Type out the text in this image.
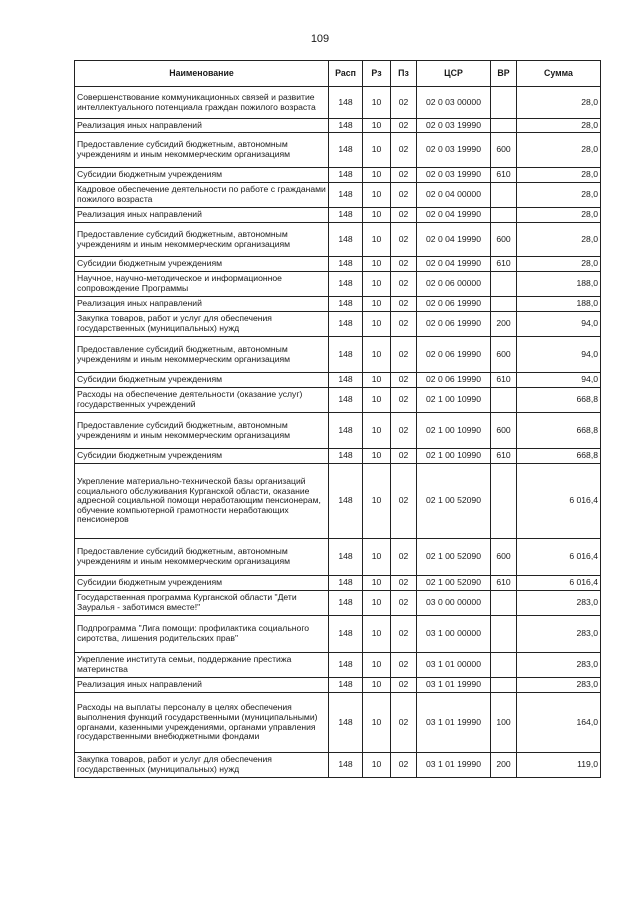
109
Наименование	Расп	Рз	Пз	ЦСР	ВР	Сумма
Совершенствование коммуникационных связей и развитие интеллектуального потенциала граждан пожилого возраста	148	10	02	02 0 03 00000		28,0
Реализация иных направлений	148	10	02	02 0 03 19990		28,0
Предоставление субсидий бюджетным, автономным учреждениям и иным некоммерческим организациям	148	10	02	02 0 03 19990	600	28,0
Субсидии бюджетным учреждениям	148	10	02	02 0 03 19990	610	28,0
Кадровое обеспечение деятельности по работе с гражданами пожилого возраста	148	10	02	02 0 04 00000		28,0
Реализация иных направлений	148	10	02	02 0 04 19990		28,0
Предоставление субсидий бюджетным, автономным учреждениям и иным некоммерческим организациям	148	10	02	02 0 04 19990	600	28,0
Субсидии бюджетным учреждениям	148	10	02	02 0 04 19990	610	28,0
Научное, научно-методическое и информационное сопровождение Программы	148	10	02	02 0 06 00000		188,0
Реализация иных направлений	148	10	02	02 0 06 19990		188,0
Закупка товаров, работ и услуг для обеспечения государственных (муниципальных) нужд	148	10	02	02 0 06 19990	200	94,0
Предоставление субсидий бюджетным, автономным учреждениям и иным некоммерческим организациям	148	10	02	02 0 06 19990	600	94,0
Субсидии бюджетным учреждениям	148	10	02	02 0 06 19990	610	94,0
Расходы на обеспечение деятельности (оказание услуг) государственных учреждений	148	10	02	02 1 00 10990		668,8
Предоставление субсидий бюджетным, автономным учреждениям и иным некоммерческим организациям	148	10	02	02 1 00 10990	600	668,8
Субсидии бюджетным учреждениям	148	10	02	02 1 00 10990	610	668,8
Укрепление материально-технической базы организаций социального обслуживания Курганской области, оказание адресной социальной помощи неработающим пенсионерам, обучение компьютерной грамотности неработающих пенсионеров	148	10	02	02 1 00 52090		6 016,4
Предоставление субсидий бюджетным, автономным учреждениям и иным некоммерческим организациям	148	10	02	02 1 00 52090	600	6 016,4
Субсидии бюджетным учреждениям	148	10	02	02 1 00 52090	610	6 016,4
Государственная программа Курганской области "Дети Зауралья - заботимся вместе!"	148	10	02	03 0 00 00000		283,0
Подпрограмма "Лига помощи: профилактика социального сиротства, лишения родительских прав"	148	10	02	03 1 00 00000		283,0
Укрепление института семьи, поддержание престижа материнства	148	10	02	03 1 01 00000		283,0
Реализация иных направлений	148	10	02	03 1 01 19990		283,0
Расходы на выплаты персоналу в целях обеспечения выполнения функций государственными (муниципальными) органами, казенными учреждениями, органами управления государственными внебюджетными фондами	148	10	02	03 1 01 19990	100	164,0
Закупка товаров, работ и услуг для обеспечения государственных (муниципальных) нужд	148	10	02	03 1 01 19990	200	119,0
